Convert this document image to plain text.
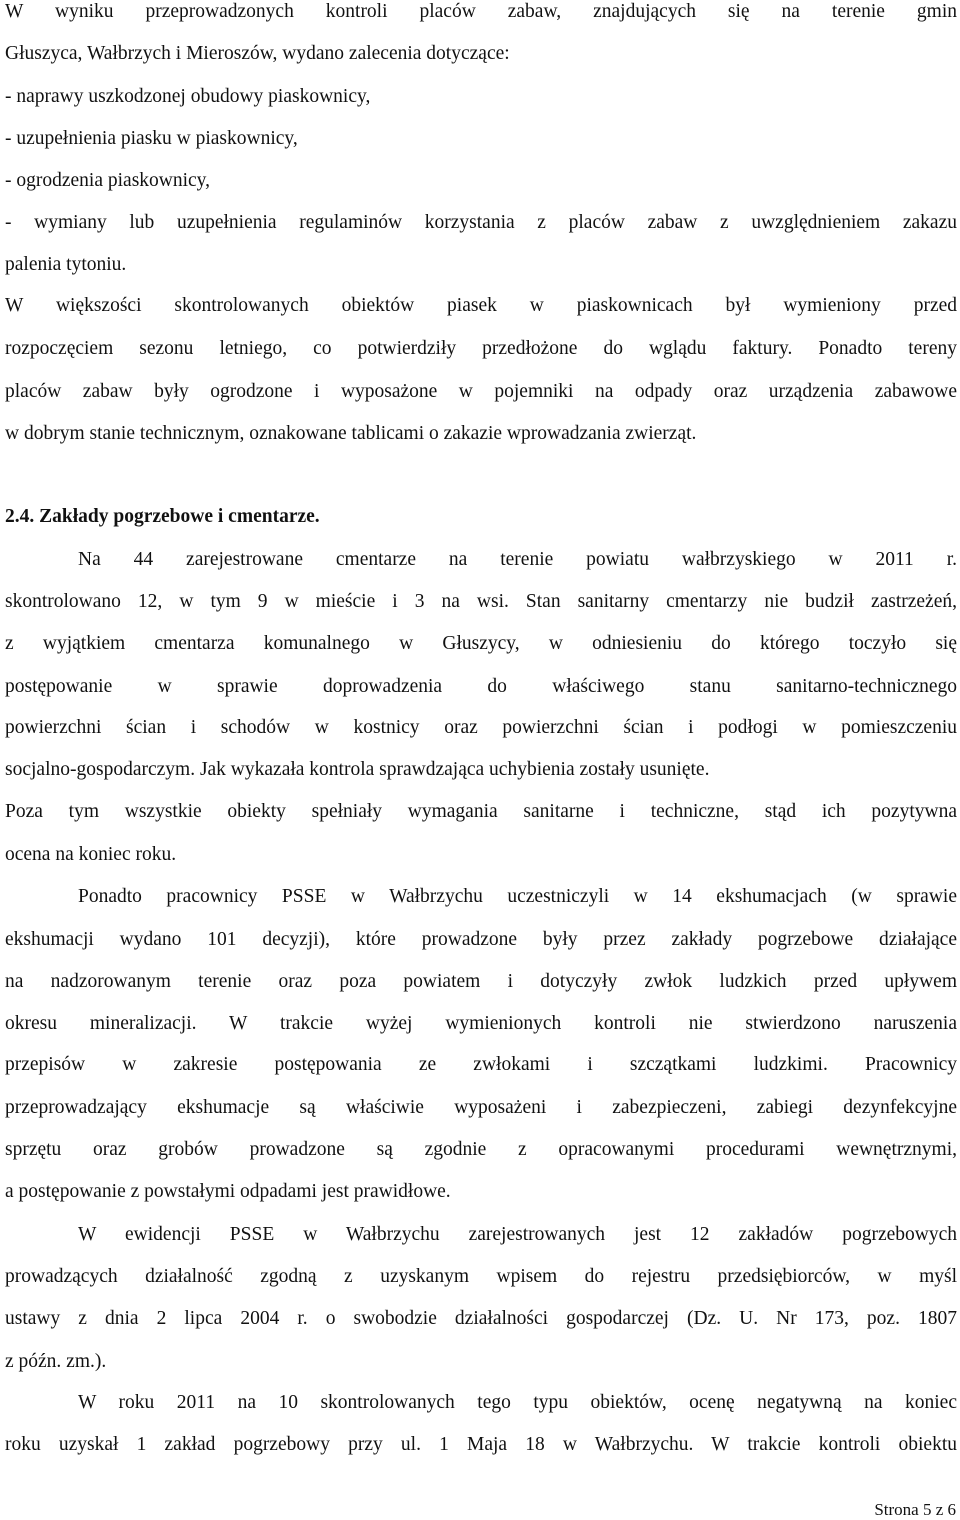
W wyniku przeprowadzonych kontroli placów zabaw, znajdujących się na terenie gmin
Głuszyca, Wałbrzych i Mieroszów, wydano zalecenia dotyczące:
- naprawy uszkodzonej obudowy piaskownicy,
- uzupełnienia piasku w piaskownicy,
- ogrodzenia piaskownicy,
- wymiany lub uzupełnienia regulaminów korzystania z placów zabaw z uwzględnieniem zakazu
palenia tytoniu.
W większości skontrolowanych obiektów piasek w piaskownicach był wymieniony przed
rozpoczęciem sezonu letniego, co potwierdziły przedłożone do wglądu faktury. Ponadto tereny
placów zabaw były ogrodzone i wyposażone w pojemniki na odpady oraz urządzenia zabawowe
w dobrym stanie technicznym, oznakowane tablicami o zakazie wprowadzania zwierząt.
2.4. Zakłady pogrzebowe i cmentarze.
Na 44 zarejestrowane cmentarze na terenie powiatu wałbrzyskiego w 2011 r.
skontrolowano 12, w tym 9 w mieście i 3 na wsi. Stan sanitarny cmentarzy nie budził zastrzeżeń,
z wyjątkiem cmentarza komunalnego w Głuszycy, w odniesieniu do którego toczyło się
postępowanie w sprawie doprowadzenia do właściwego stanu sanitarno-technicznego
powierzchni ścian i schodów w kostnicy oraz powierzchni ścian i podłogi w pomieszczeniu
socjalno-gospodarczym. Jak wykazała kontrola sprawdzająca uchybienia zostały usunięte.
Poza tym wszystkie obiekty spełniały wymagania sanitarne i techniczne, stąd ich pozytywna
ocena na koniec roku.
Ponadto pracownicy PSSE w Wałbrzychu uczestniczyli w 14 ekshumacjach (w sprawie
ekshumacji wydano 101 decyzji), które prowadzone były przez zakłady pogrzebowe działające
na nadzorowanym terenie oraz poza powiatem i dotyczyły zwłok ludzkich przed upływem
okresu mineralizacji. W trakcie wyżej wymienionych kontroli nie stwierdzono naruszenia
przepisów w zakresie postępowania ze zwłokami i szczątkami ludzkimi. Pracownicy
przeprowadzający ekshumacje są właściwie wyposażeni i zabezpieczeni, zabiegi dezynfekcyjne
sprzętu oraz grobów prowadzone są zgodnie z opracowanymi procedurami wewnętrznymi,
a postępowanie z powstałymi odpadami jest prawidłowe.
W ewidencji PSSE w Wałbrzychu zarejestrowanych jest 12 zakładów pogrzebowych
prowadzących działalność zgodną z uzyskanym wpisem do rejestru przedsiębiorców, w myśl
ustawy z dnia 2 lipca 2004 r. o swobodzie działalności gospodarczej (Dz. U. Nr 173, poz. 1807
z późn. zm.).
W roku 2011 na 10 skontrolowanych tego typu obiektów, ocenę negatywną na koniec
roku uzyskał 1 zakład pogrzebowy przy ul. 1 Maja 18 w Wałbrzychu. W trakcie kontroli obiektu
Strona 5 z 6
